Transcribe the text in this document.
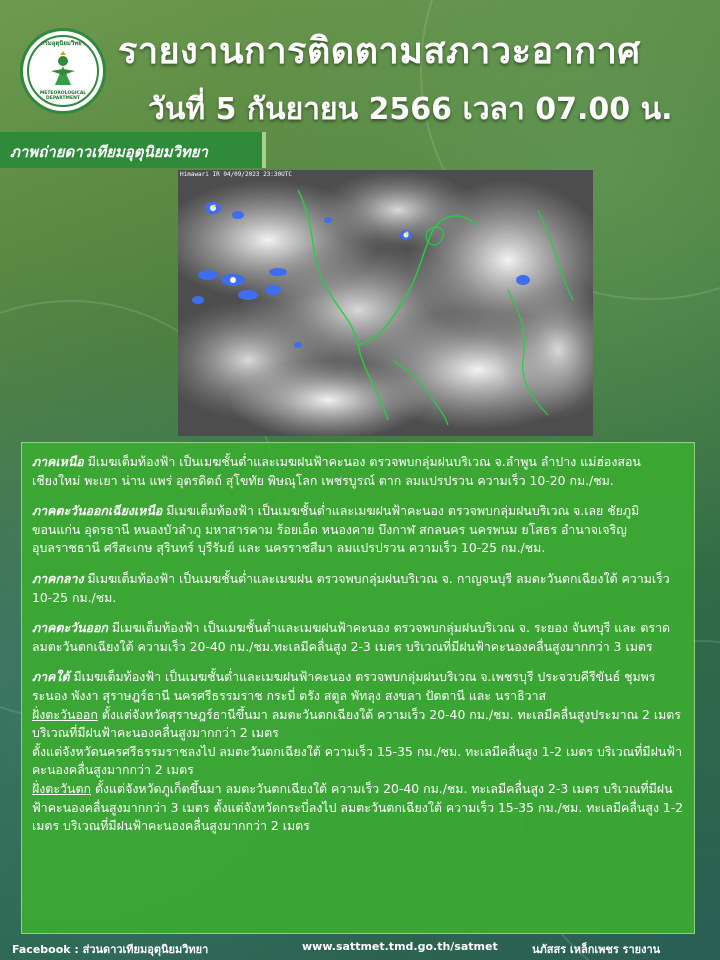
กรมอุตุนิยมวิทยา
METEOROLOGICAL DEPARTMENT
รายงานการติดตามสภาวะอากาศ
วันที่ 5 กันยายน 2566 เวลา 07.00 น.
ภาพถ่ายดาวเทียมอุตุนิยมวิทยา
Himawari IR 04/09/2023 23:30UTC
ภาคเหนือ มีเมฆเต็มท้องฟ้า เป็นเมฆชั้นต่ำและเมฆฝนฟ้าคะนอง ตรวจพบกลุ่มฝนบริเวณ จ.ลำพูน ลำปาง แม่ฮ่องสอน เชียงใหม่ พะเยา น่าน แพร่ อุตรดิตถ์ สุโขทัย พิษณุโลก เพชรบูรณ์ ตาก ลมแปรปรวน ความเร็ว 10-20 กม./ชม.
ภาคตะวันออกเฉียงเหนือ มีเมฆเต็มท้องฟ้า เป็นเมฆชั้นต่ำและเมฆฝนฟ้าคะนอง ตรวจพบกลุ่มฝนบริเวณ จ.เลย ชัยภูมิ ขอนแก่น อุดรธานี หนองบัวลำภู มหาสารคาม ร้อยเอ็ด หนองคาย บึงกาฬ สกลนคร นครพนม ยโสธร อำนาจเจริญ อุบลราชธานี ศรีสะเกษ สุรินทร์ บุรีรัมย์ และ นครราชสีมา ลมแปรปรวน ความเร็ว 10-25 กม./ชม.
ภาคกลาง มีเมฆเต็มท้องฟ้า เป็นเมฆชั้นต่ำและเมฆฝน ตรวจพบกลุ่มฝนบริเวณ จ. กาญจนบุรี ลมตะวันตกเฉียงใต้ ความเร็ว 10-25 กม./ชม.
ภาคตะวันออก มีเมฆเต็มท้องฟ้า เป็นเมฆชั้นต่ำและเมฆฝนฟ้าคะนอง ตรวจพบกลุ่มฝนบริเวณ จ. ระยอง จันทบุรี และ ตราด ลมตะวันตกเฉียงใต้ ความเร็ว 20-40 กม./ชม.ทะเลมีคลื่นสูง 2-3 เมตร บริเวณที่มีฝนฟ้าคะนองคลื่นสูงมากกว่า 3 เมตร
ภาคใต้ มีเมฆเต็มท้องฟ้า เป็นเมฆชั้นต่ำและเมฆฝนฟ้าคะนอง ตรวจพบกลุ่มฝนบริเวณ จ.เพชรบุรี ประจวบคีรีขันธ์ ชุมพร ระนอง พังงา สุราษฎร์ธานี นครศรีธรรมราช กระบี่ ตรัง สตูล พัทลุง สงขลา ปัตตานี และ นราธิวาส
ฝั่งตะวันออก ตั้งแต่จังหวัดสุราษฎร์ธานีขึ้นมา ลมตะวันตกเฉียงใต้ ความเร็ว 20-40 กม./ชม. ทะเลมีคลื่นสูงประมาณ 2 เมตร บริเวณที่มีฝนฟ้าคะนองคลื่นสูงมากกว่า 2 เมตร
ตั้งแต่จังหวัดนครศรีธรรมราชลงไป ลมตะวันตกเฉียงใต้ ความเร็ว 15-35 กม./ชม. ทะเลมีคลื่นสูง 1-2 เมตร บริเวณที่มีฝนฟ้าคะนองคลื่นสูงมากกว่า 2 เมตร
ฝั่งตะวันตก ตั้งแต่จังหวัดภูเก็ตขึ้นมา ลมตะวันตกเฉียงใต้ ความเร็ว 20-40 กม./ชม. ทะเลมีคลื่นสูง 2-3 เมตร บริเวณที่มีฝนฟ้าคะนองคลื่นสูงมากกว่า 3 เมตร ตั้งแต่จังหวัดกระบี่ลงไป ลมตะวันตกเฉียงใต้ ความเร็ว 15-35 กม./ชม. ทะเลมีคลื่นสูง 1-2 เมตร บริเวณที่มีฝนฟ้าคะนองคลื่นสูงมากกว่า 2 เมตร
Facebook : ส่วนดาวเทียมอุตุนิยมวิทยา	www.sattmet.tmd.go.th/satmet	นภัสสร เหล็กเพชร รายงาน
